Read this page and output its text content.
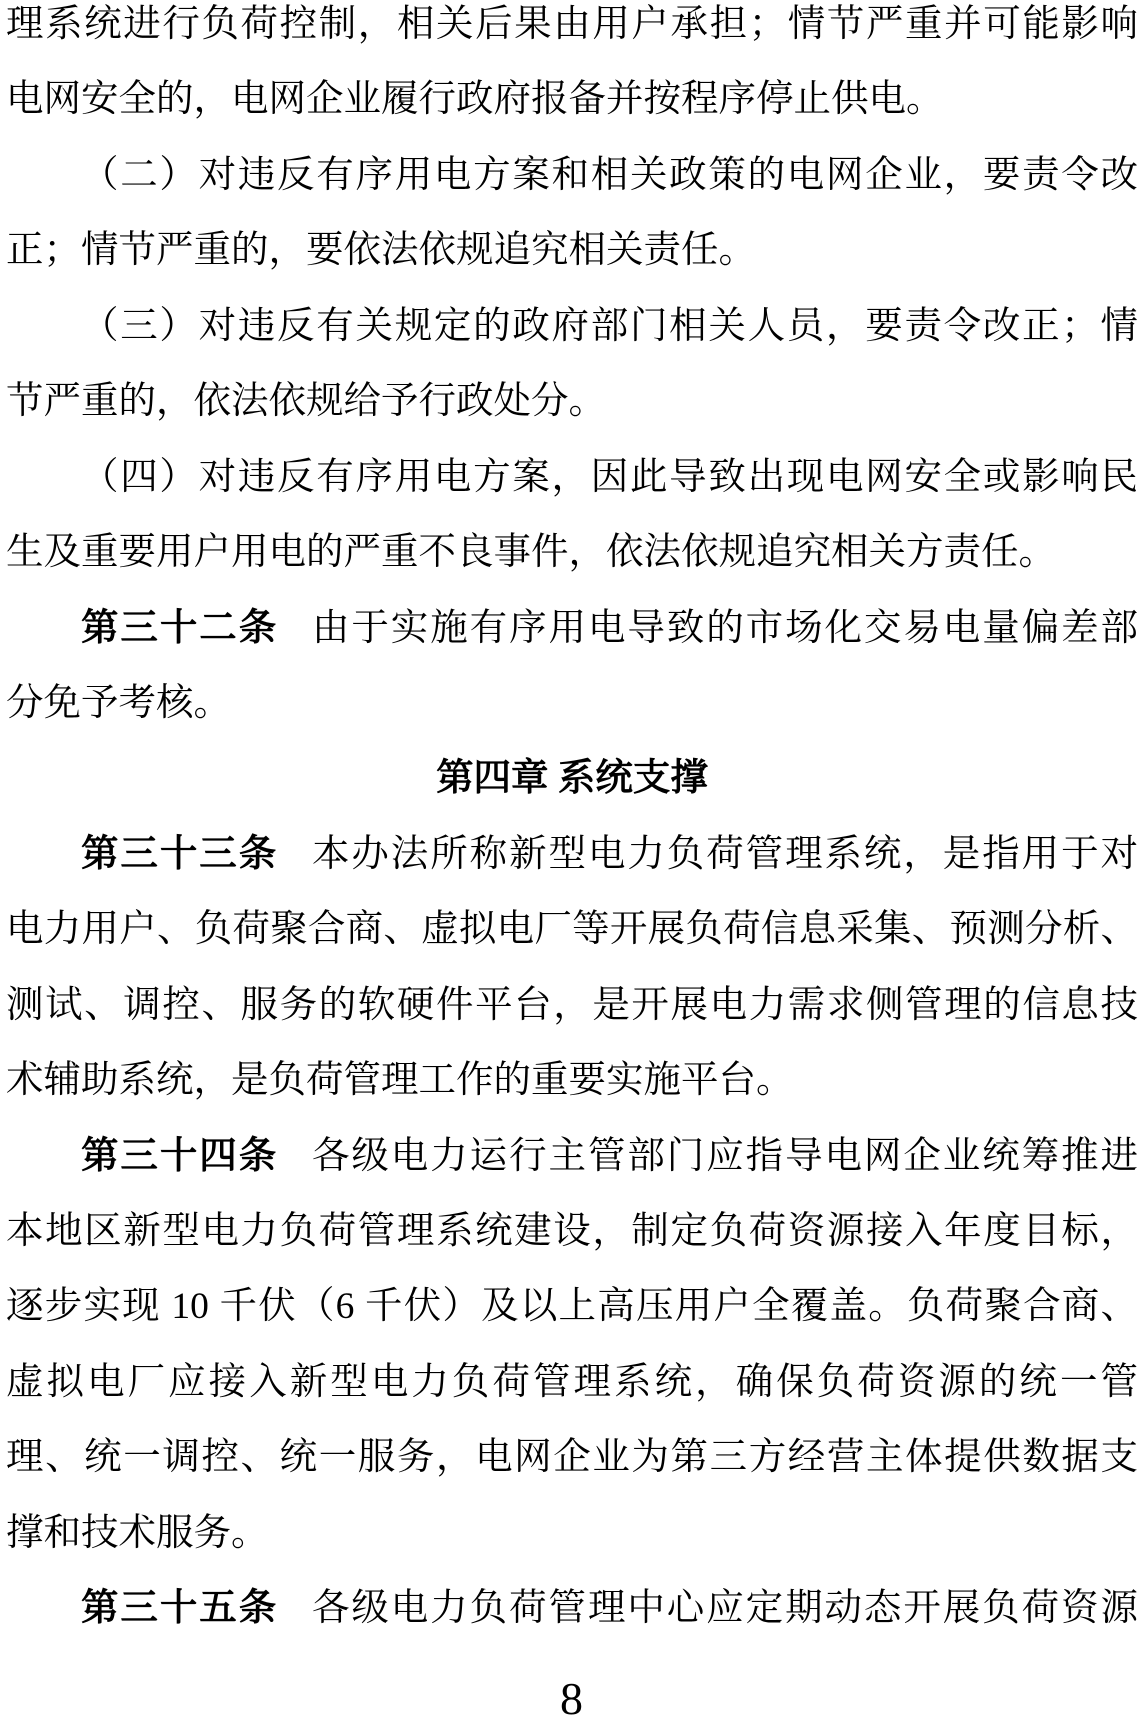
理系统进行负荷控制，相关后果由用户承担；情节严重并可能影响
电网安全的，电网企业履行政府报备并按程序停止供电。
（二）对违反有序用电方案和相关政策的电网企业，要责令改
正；情节严重的，要依法依规追究相关责任。
（三）对违反有关规定的政府部门相关人员，要责令改正；情
节严重的，依法依规给予行政处分。
（四）对违反有序用电方案，因此导致出现电网安全或影响民
生及重要用户用电的严重不良事件，依法依规追究相关方责任。
第三十二条 由于实施有序用电导致的市场化交易电量偏差部
分免予考核。
第四章 系统支撑
第三十三条 本办法所称新型电力负荷管理系统，是指用于对
电力用户、负荷聚合商、虚拟电厂等开展负荷信息采集、预测分析、
测试、调控、服务的软硬件平台，是开展电力需求侧管理的信息技
术辅助系统，是负荷管理工作的重要实施平台。
第三十四条 各级电力运行主管部门应指导电网企业统筹推进
本地区新型电力负荷管理系统建设，制定负荷资源接入年度目标，
逐步实现 10 千伏（6 千伏）及以上高压用户全覆盖。负荷聚合商、
虚拟电厂应接入新型电力负荷管理系统，确保负荷资源的统一管
理、统一调控、统一服务，电网企业为第三方经营主体提供数据支
撑和技术服务。
第三十五条 各级电力负荷管理中心应定期动态开展负荷资源
8
